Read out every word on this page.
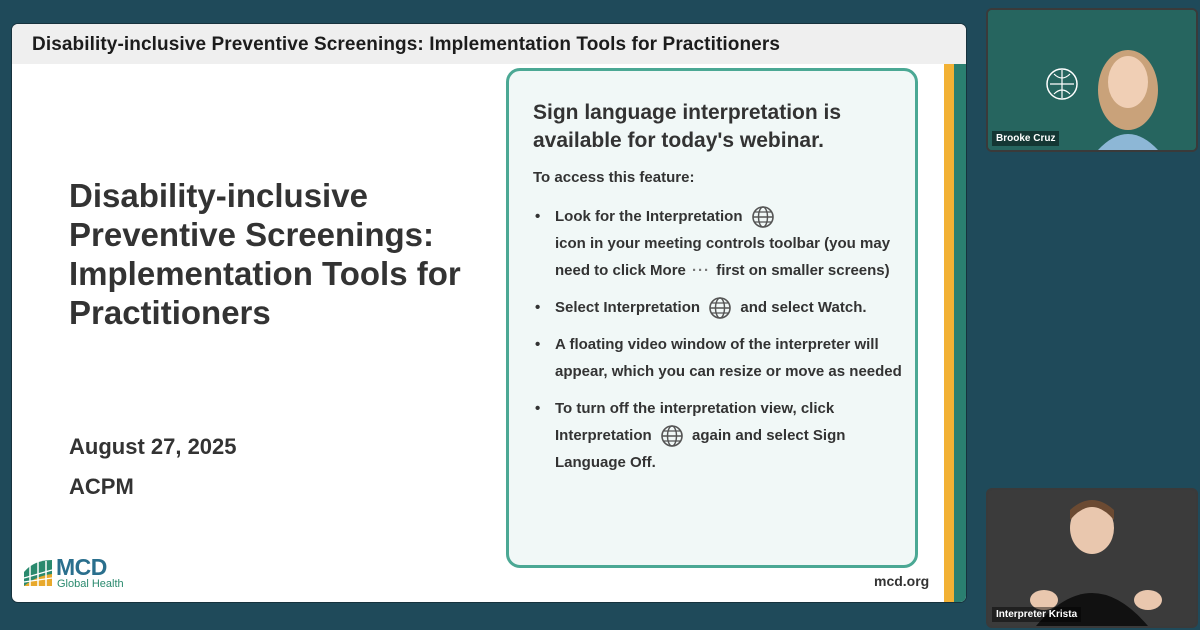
Disability-inclusive Preventive Screenings: Implementation Tools for Practitioners
Disability-inclusive Preventive Screenings: Implementation Tools for Practitioners
August 27, 2025
ACPM
MCD
Global Health	mcd.org
Sign language interpretation is available for today's webinar.
To access this feature:
• Look for the Interpretation
icon in your meeting controls toolbar (you may need to click More ··· first on smaller screens)
• Select Interpretation	and select Watch.
• A floating video window of the interpreter will appear, which you can resize or move as needed
• To turn off the interpretation view, click Interpretation	again and select Sign Language Off.
Brooke Cruz
Interpreter Krista
